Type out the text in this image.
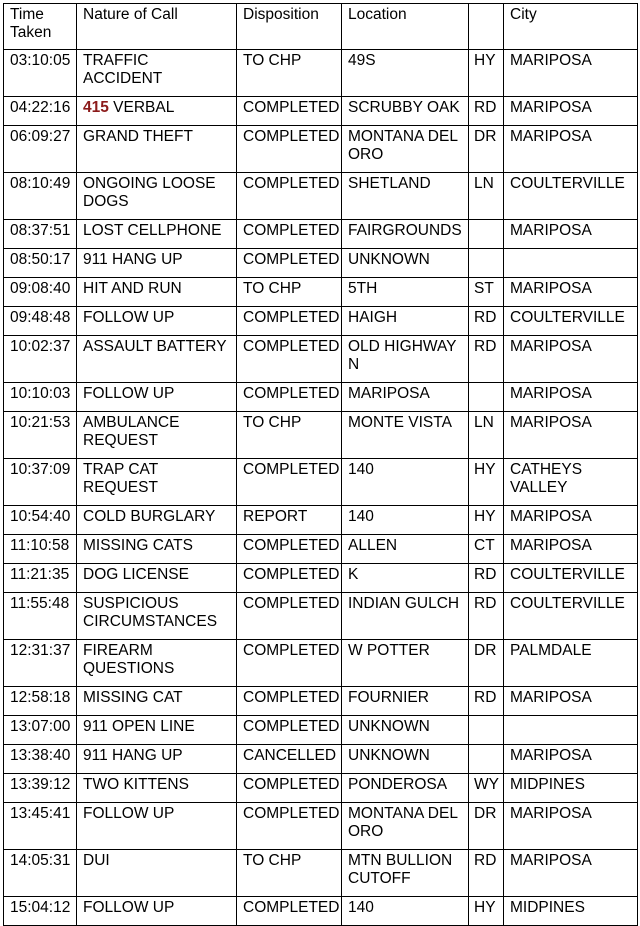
Time Taken	Nature of Call	Disposition	Location		City
03:10:05	TRAFFIC ACCIDENT	TO CHP	49S	HY	MARIPOSA
04:22:16	415 VERBAL	COMPLETED	SCRUBBY OAK	RD	MARIPOSA
06:09:27	GRAND THEFT	COMPLETED	MONTANA DEL ORO	DR	MARIPOSA
08:10:49	ONGOING LOOSE DOGS	COMPLETED	SHETLAND	LN	COULTERVILLE
08:37:51	LOST CELLPHONE	COMPLETED	FAIRGROUNDS		MARIPOSA
08:50:17	911 HANG UP	COMPLETED	UNKNOWN		
09:08:40	HIT AND RUN	TO CHP	5TH	ST	MARIPOSA
09:48:48	FOLLOW UP	COMPLETED	HAIGH	RD	COULTERVILLE
10:02:37	ASSAULT BATTERY	COMPLETED	OLD HIGHWAY N	RD	MARIPOSA
10:10:03	FOLLOW UP	COMPLETED	MARIPOSA		MARIPOSA
10:21:53	AMBULANCE REQUEST	TO CHP	MONTE VISTA	LN	MARIPOSA
10:37:09	TRAP CAT REQUEST	COMPLETED	140	HY	CATHEYS VALLEY
10:54:40	COLD BURGLARY	REPORT	140	HY	MARIPOSA
11:10:58	MISSING CATS	COMPLETED	ALLEN	CT	MARIPOSA
11:21:35	DOG LICENSE	COMPLETED	K	RD	COULTERVILLE
11:55:48	SUSPICIOUS CIRCUMSTANCES	COMPLETED	INDIAN GULCH	RD	COULTERVILLE
12:31:37	FIREARM QUESTIONS	COMPLETED	W POTTER	DR	PALMDALE
12:58:18	MISSING CAT	COMPLETED	FOURNIER	RD	MARIPOSA
13:07:00	911 OPEN LINE	COMPLETED	UNKNOWN		
13:38:40	911 HANG UP	CANCELLED	UNKNOWN		MARIPOSA
13:39:12	TWO KITTENS	COMPLETED	PONDEROSA	WY	MIDPINES
13:45:41	FOLLOW UP	COMPLETED	MONTANA DEL ORO	DR	MARIPOSA
14:05:31	DUI	TO CHP	MTN BULLION CUTOFF	RD	MARIPOSA
15:04:12	FOLLOW UP	COMPLETED	140	HY	MIDPINES
